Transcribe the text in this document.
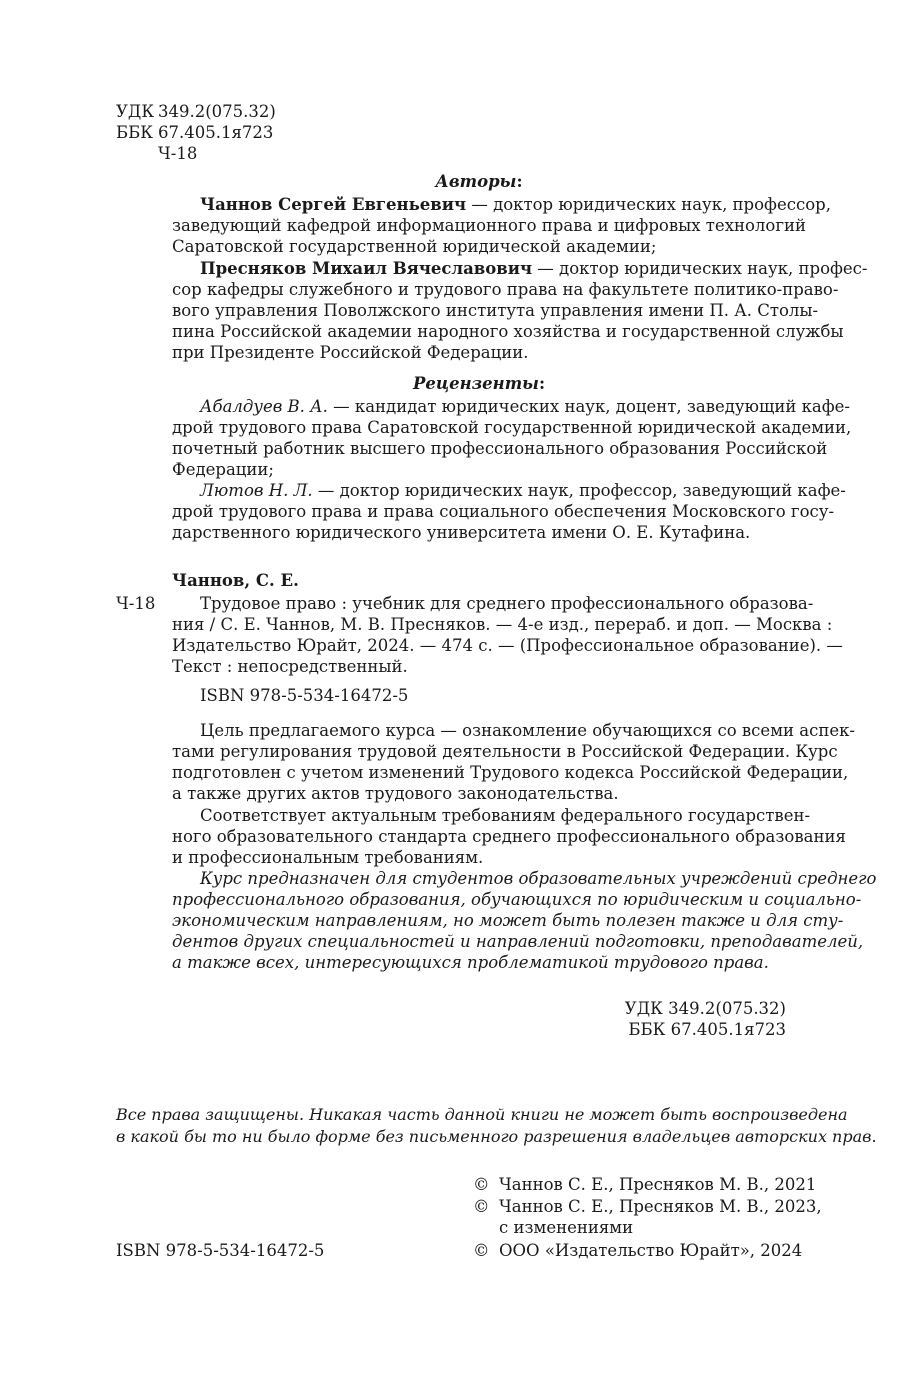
УДК 349.2(075.32)
ББК 67.405.1я723
Ч-18
Авторы:
Чаннов Сергей Евгеньевич — доктор юридических наук, профессор,
заведующий кафедрой информационного права и цифровых технологий
Саратовской государственной юридической академии;
Пресняков Михаил Вячеславович — доктор юридических наук, профес-
сор кафедры служебного и трудового права на факультете политико-право-
вого управления Поволжского института управления имени П. А. Столы-
пина Российской академии народного хозяйства и государственной службы
при Президенте Российской Федерации.
Рецензенты:
Абалдуев В. А. — кандидат юридических наук, доцент, заведующий кафе-
дрой трудового права Саратовской государственной юридической академии,
почетный работник высшего профессионального образования Российской
Федерации;
Лютов Н. Л. — доктор юридических наук, профессор, заведующий кафе-
дрой трудового права и права социального обеспечения Московского госу-
дарственного юридического университета имени О. Е. Кутафина.
Чаннов, С. Е.
Ч-18	Трудовое право : учебник для среднего профессионального образова-
ния / С. Е. Чаннов, М. В. Пресняков. — 4-е изд., перераб. и доп. — Москва :
Издательство Юрайт, 2024. — 474 с. — (Профессиональное образование). —
Текст : непосредственный.
ISBN 978-5-534-16472-5
Цель предлагаемого курса — ознакомление обучающихся со всеми аспек-
тами регулирования трудовой деятельности в Российской Федерации. Курс
подготовлен с учетом изменений Трудового кодекса Российской Федерации,
а также других актов трудового законодательства.
Соответствует актуальным требованиям федерального государствен-
ного образовательного стандарта среднего профессионального образования
и профессиональным требованиям.
Курс предназначен для студентов образовательных учреждений среднего
профессионального образования, обучающихся по юридическим и социально-
экономическим направлениям, но может быть полезен также и для сту-
дентов других специальностей и направлений подготовки, преподавателей,
а также всех, интересующихся проблематикой трудового права.
УДК 349.2(075.32)
ББК 67.405.1я723
Все права защищены. Никакая часть данной книги не может быть воспроизведена
в какой бы то ни было форме без письменного разрешения владельцев авторских прав.
© Чаннов С. Е., Пресняков М. В., 2021
© Чаннов С. Е., Пресняков М. В., 2023,
с изменениями
© ООО «Издательство Юрайт», 2024
ISBN 978-5-534-16472-5
